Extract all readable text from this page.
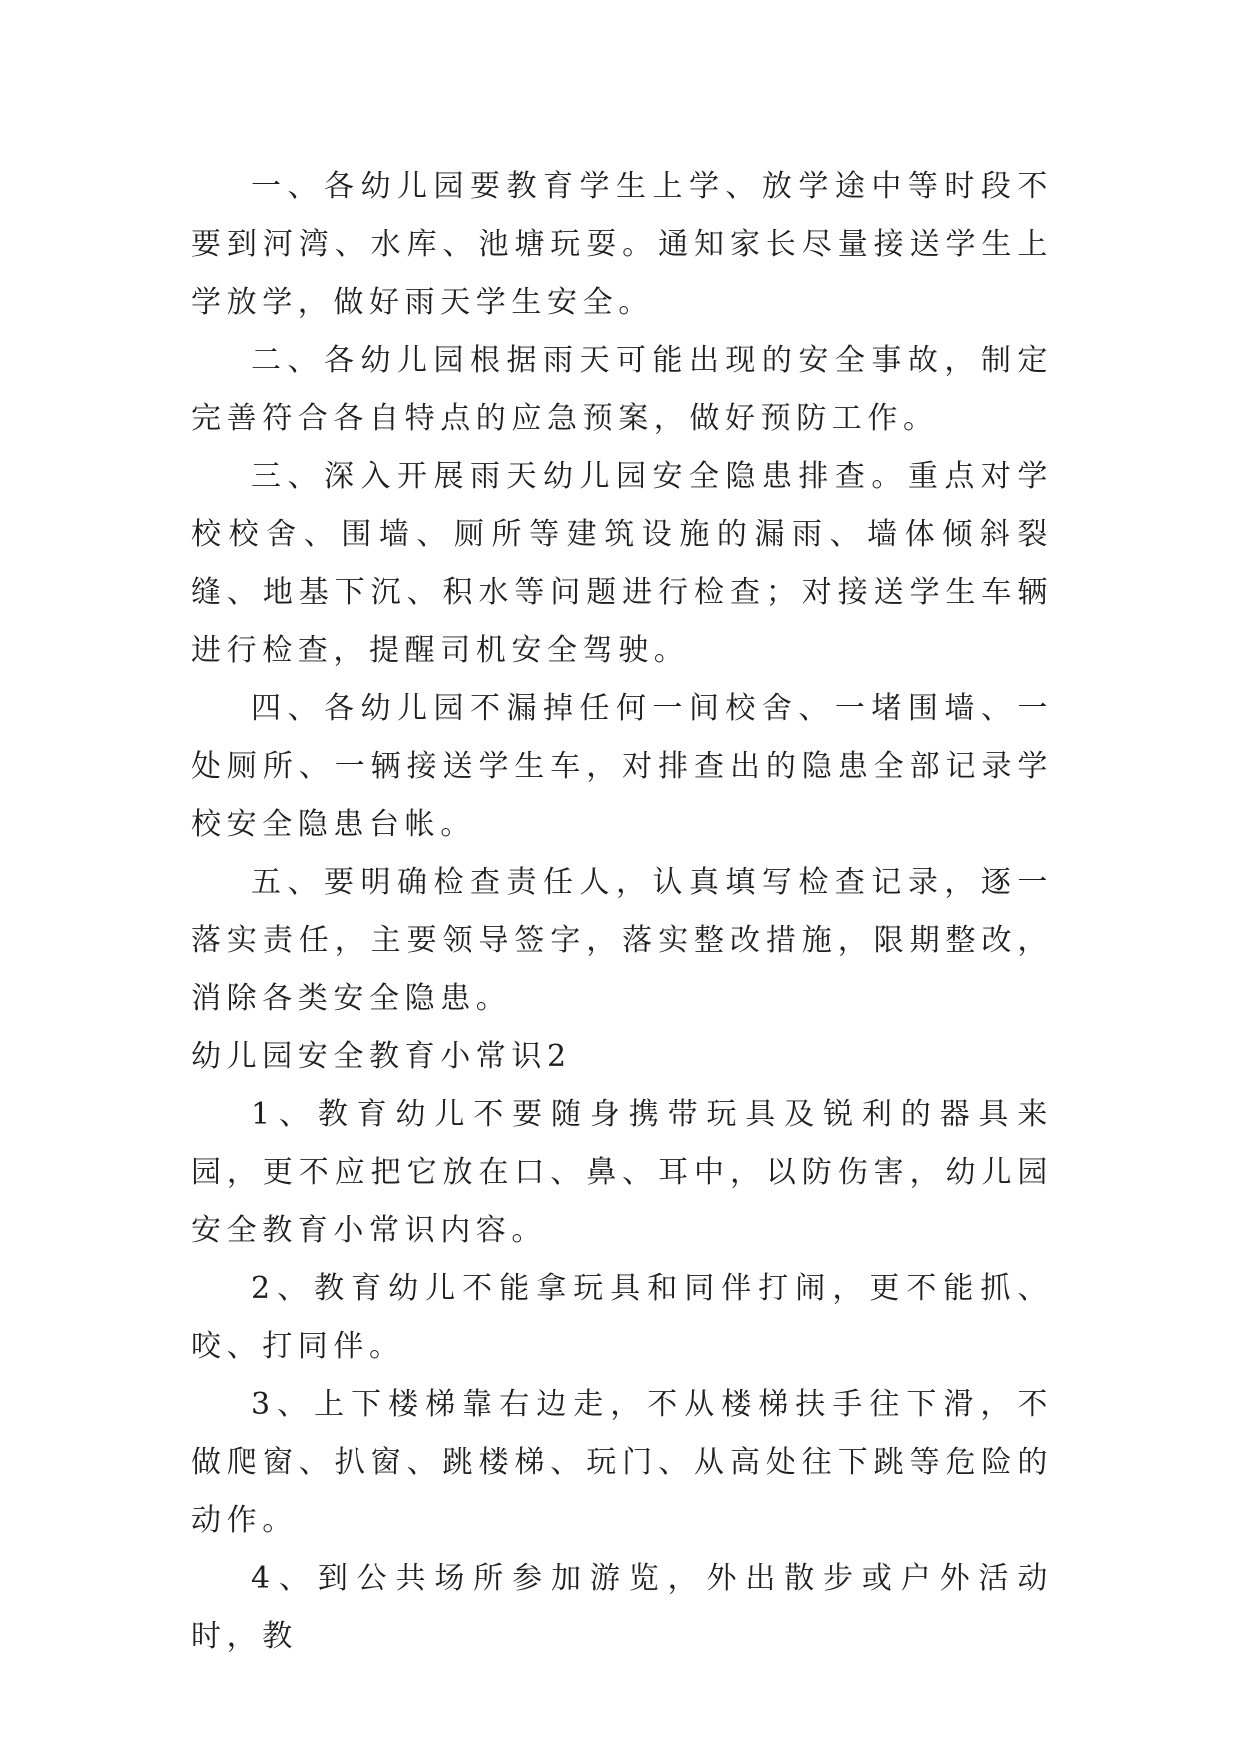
一、各幼儿园要教育学生上学、放学途中等时段不要到河湾、水库、池塘玩耍。通知家长尽量接送学生上学放学，做好雨天学生安全。

二、各幼儿园根据雨天可能出现的安全事故，制定完善符合各自特点的应急预案，做好预防工作。

三、深入开展雨天幼儿园安全隐患排查。重点对学校校舍、围墙、厕所等建筑设施的漏雨、墙体倾斜裂缝、地基下沉、积水等问题进行检查；对接送学生车辆进行检查，提醒司机安全驾驶。

四、各幼儿园不漏掉任何一间校舍、一堵围墙、一处厕所、一辆接送学生车，对排查出的隐患全部记录学校安全隐患台帐。

五、要明确检查责任人，认真填写检查记录，逐一落实责任，主要领导签字，落实整改措施，限期整改，消除各类安全隐患。

幼儿园安全教育小常识2

1、教育幼儿不要随身携带玩具及锐利的器具来园，更不应把它放在口、鼻、耳中，以防伤害，幼儿园安全教育小常识内容。

2、教育幼儿不能拿玩具和同伴打闹，更不能抓、咬、打同伴。

3、上下楼梯靠右边走，不从楼梯扶手往下滑，不做爬窗、扒窗、跳楼梯、玩门、从高处往下跳等危险的动作。

4、到公共场所参加游览，外出散步或户外活动时，教
